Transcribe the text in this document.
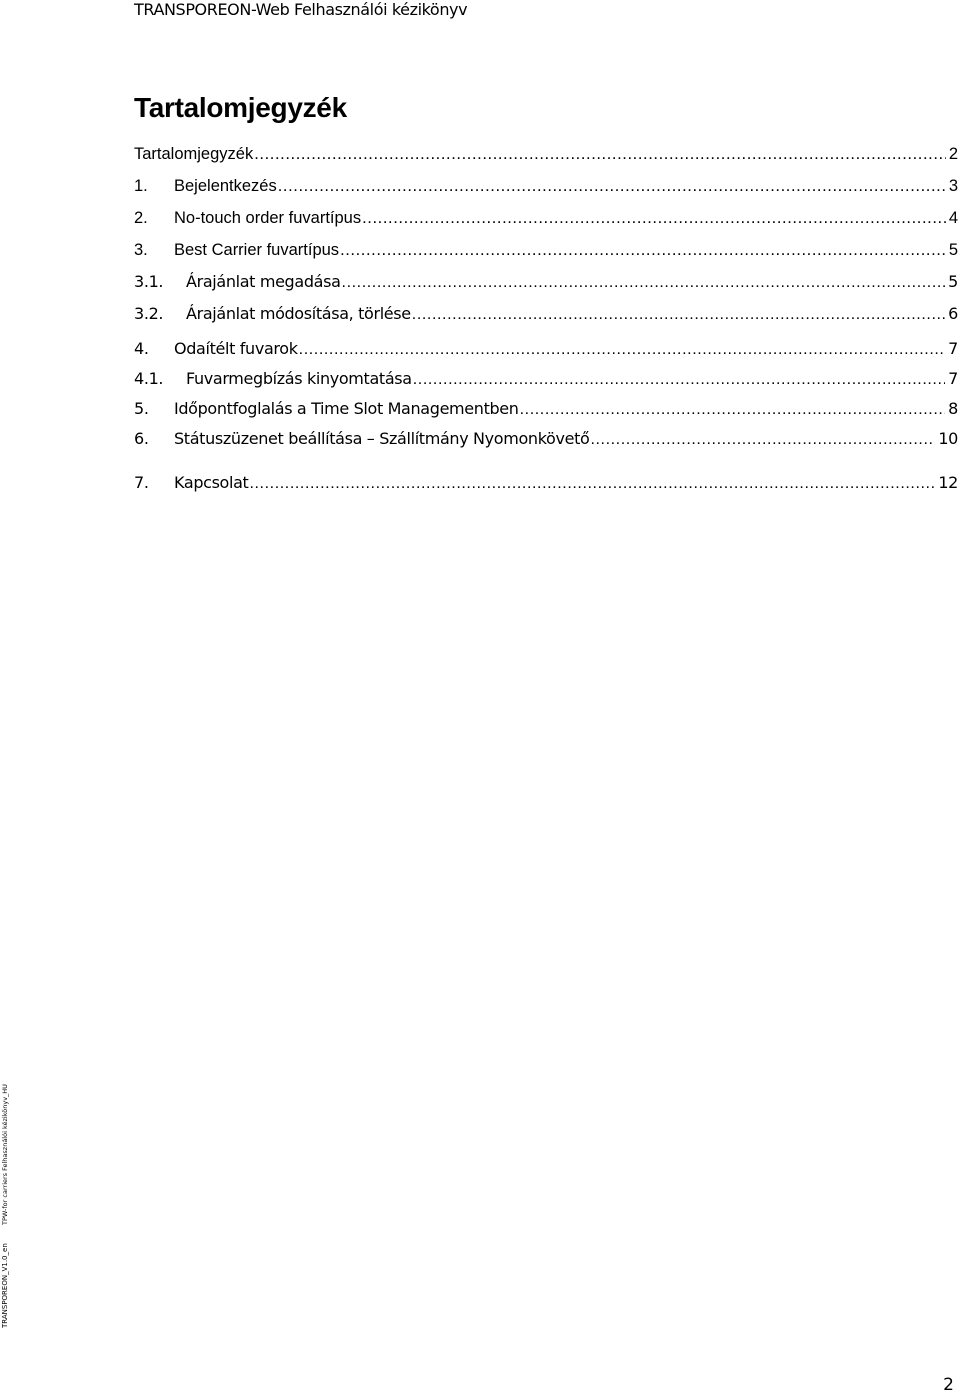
TRANSPOREON-Web Felhasználói kézikönyv
Tartalomjegyzék
Tartalomjegyzék .....	2
1.	Bejelentkezés .....	3
2.	No-touch order fuvartípus .....	4
3.	Best Carrier fuvartípus .....	5
3.1.	Árajánlat megadása .....	5
3.2.	Árajánlat módosítása, törlése .....	6
4.	Odaítélt fuvarok .....	7
4.1.	Fuvarmegbízás kinyomtatása .....	7
5.	Időpontfoglalás a Time Slot Managementben .....	8
6.	Státuszüzenet beállítása – Szállítmány Nyomonkövető .....	10
7.	Kapcsolat .....	12
TPW-for carriers Felhasználói kézikönyv_HU
TRANSPOREON_V1.0_en
2
